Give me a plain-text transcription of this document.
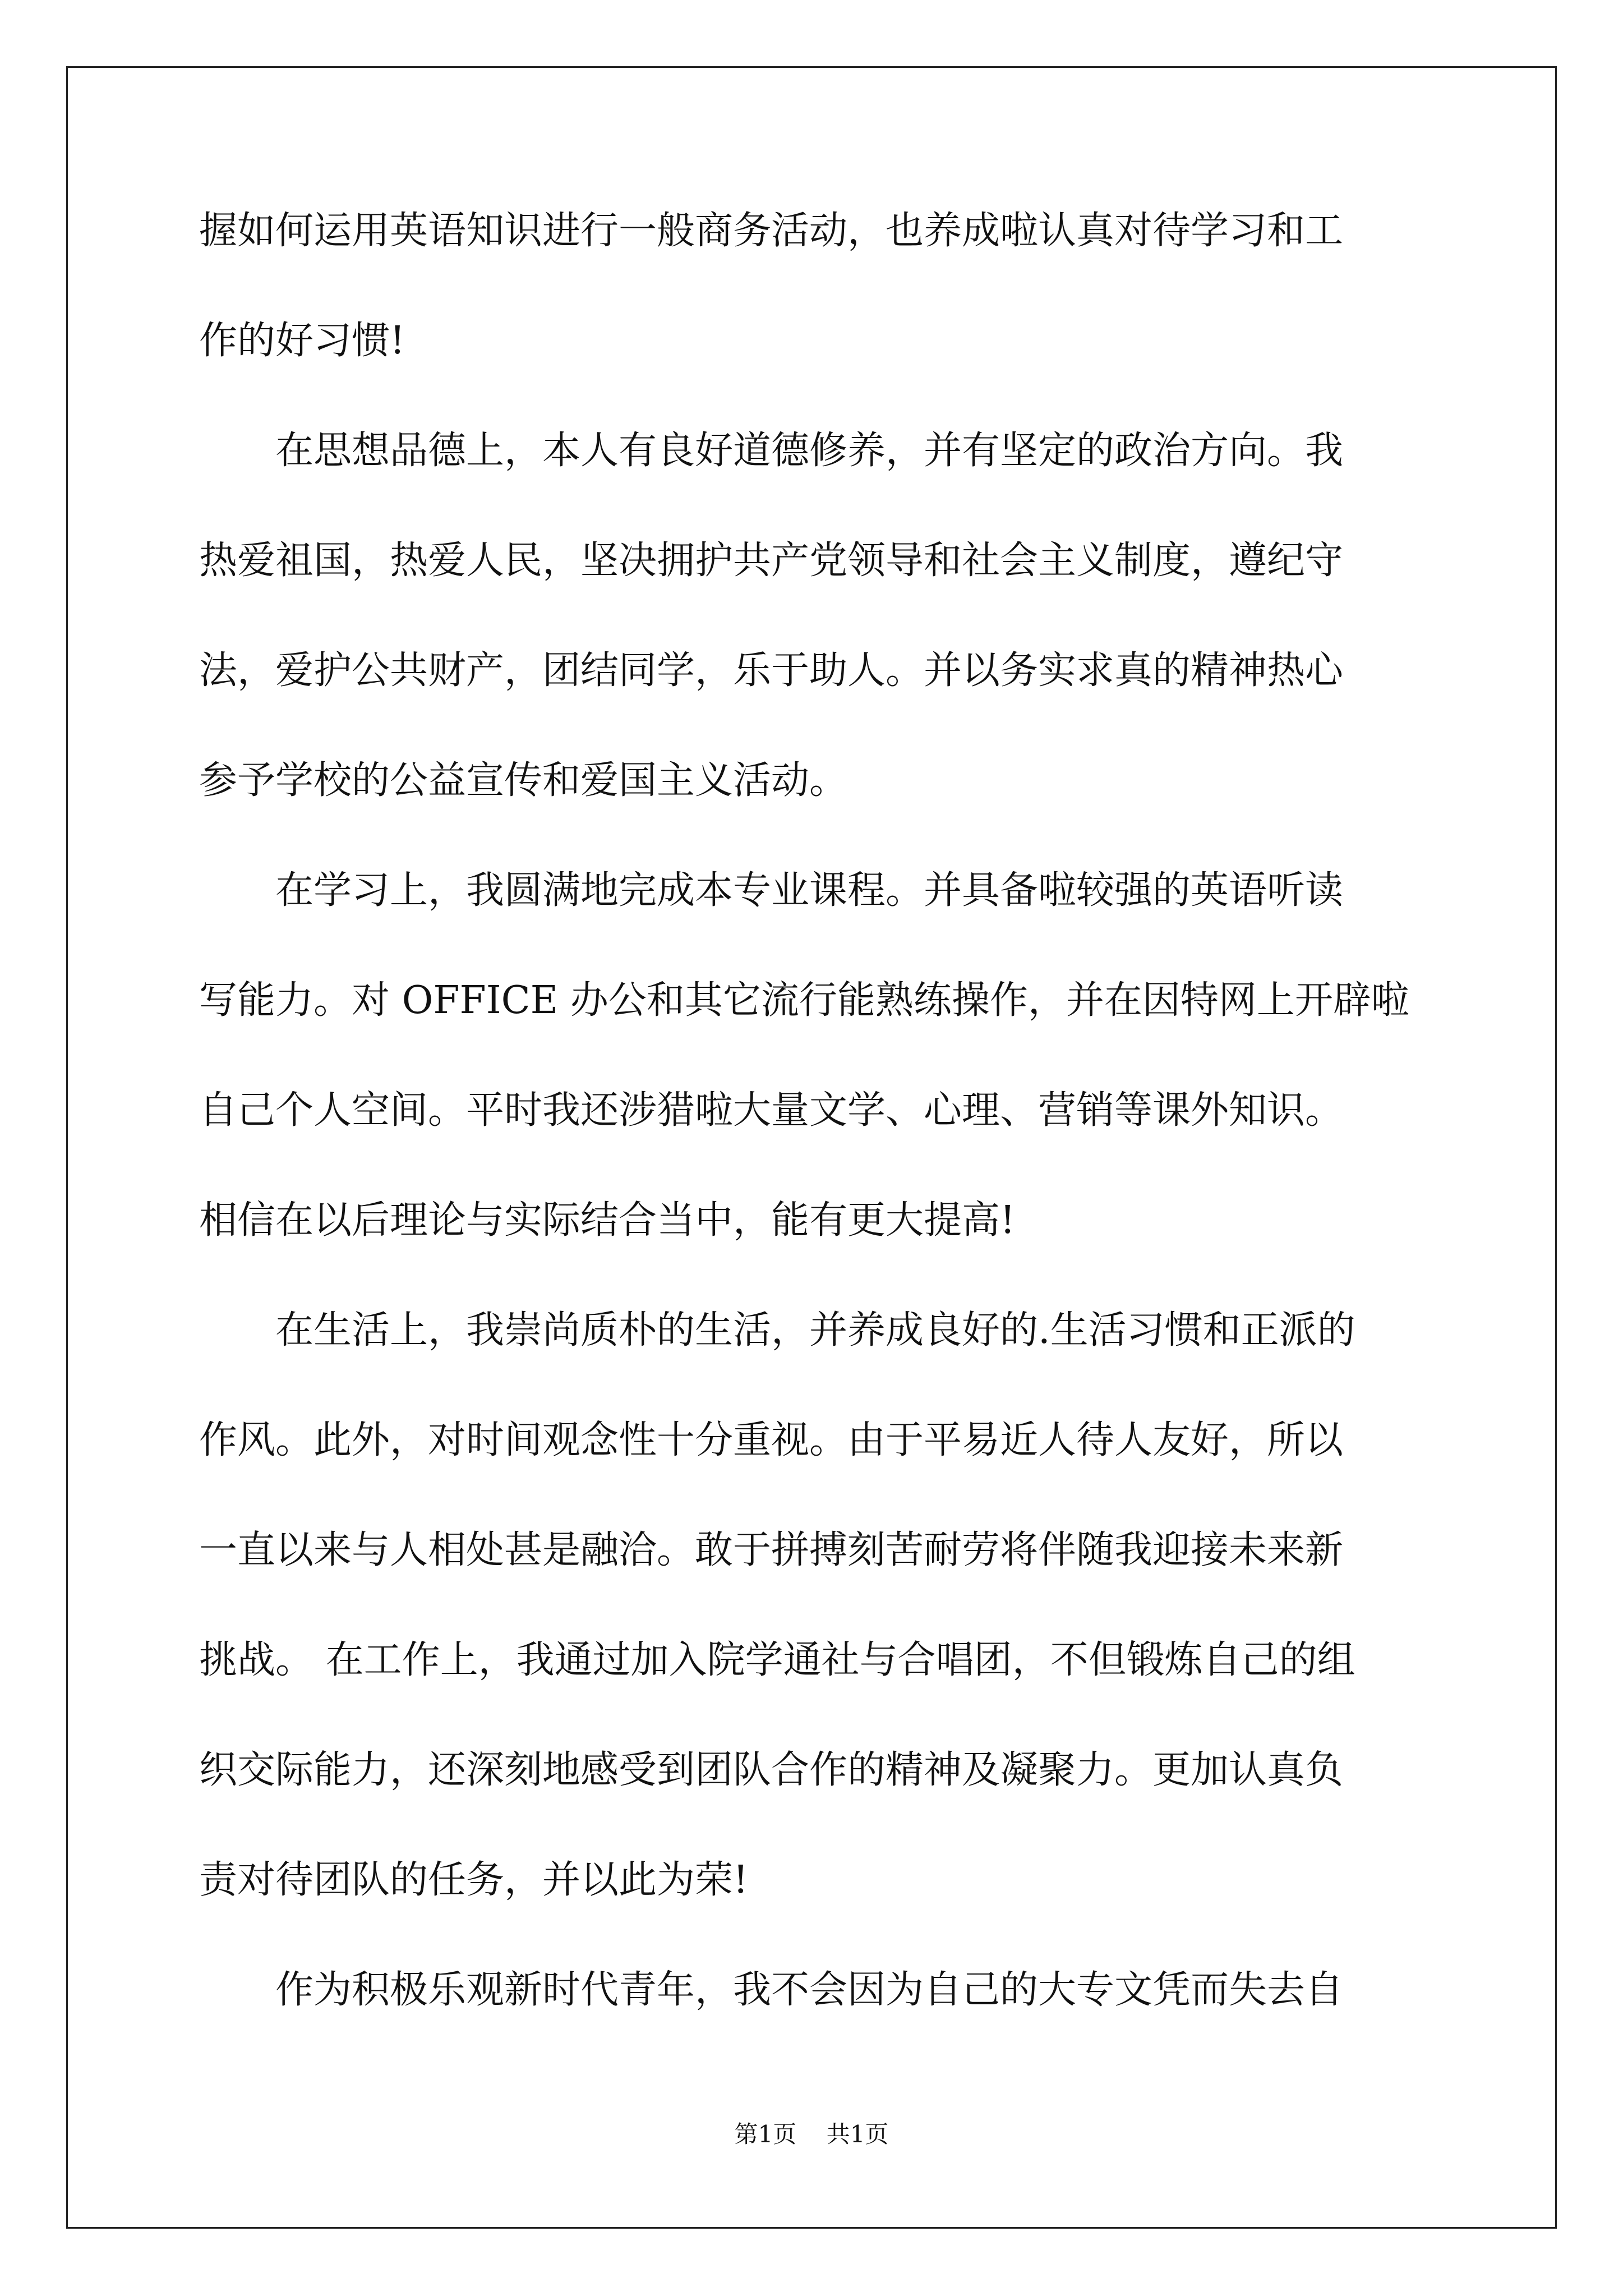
握如何运用英语知识进行一般商务活动，也养成啦认真对待学习和工
作的好习惯!
在思想品德上，本人有良好道德修养，并有坚定的政治方向。我
热爱祖国，热爱人民，坚决拥护共产党领导和社会主义制度，遵纪守
法，爱护公共财产，团结同学，乐于助人。并以务实求真的精神热心
参予学校的公益宣传和爱国主义活动。
在学习上，我圆满地完成本专业课程。并具备啦较强的英语听读
写能力。对 OFFICE 办公和其它流行能熟练操作，并在因特网上开辟啦
自己个人空间。平时我还涉猎啦大量文学、心理、营销等课外知识。
相信在以后理论与实际结合当中，能有更大提高!
在生活上，我崇尚质朴的生活，并养成良好的.生活习惯和正派的
作风。此外，对时间观念性十分重视。由于平易近人待人友好，所以
一直以来与人相处甚是融洽。敢于拼搏刻苦耐劳将伴随我迎接未来新
挑战。 在工作上，我通过加入院学通社与合唱团，不但锻炼自己的组
织交际能力，还深刻地感受到团队合作的精神及凝聚力。更加认真负
责对待团队的任务，并以此为荣!
作为积极乐观新时代青年，我不会因为自己的大专文凭而失去自
第1页 共1页
